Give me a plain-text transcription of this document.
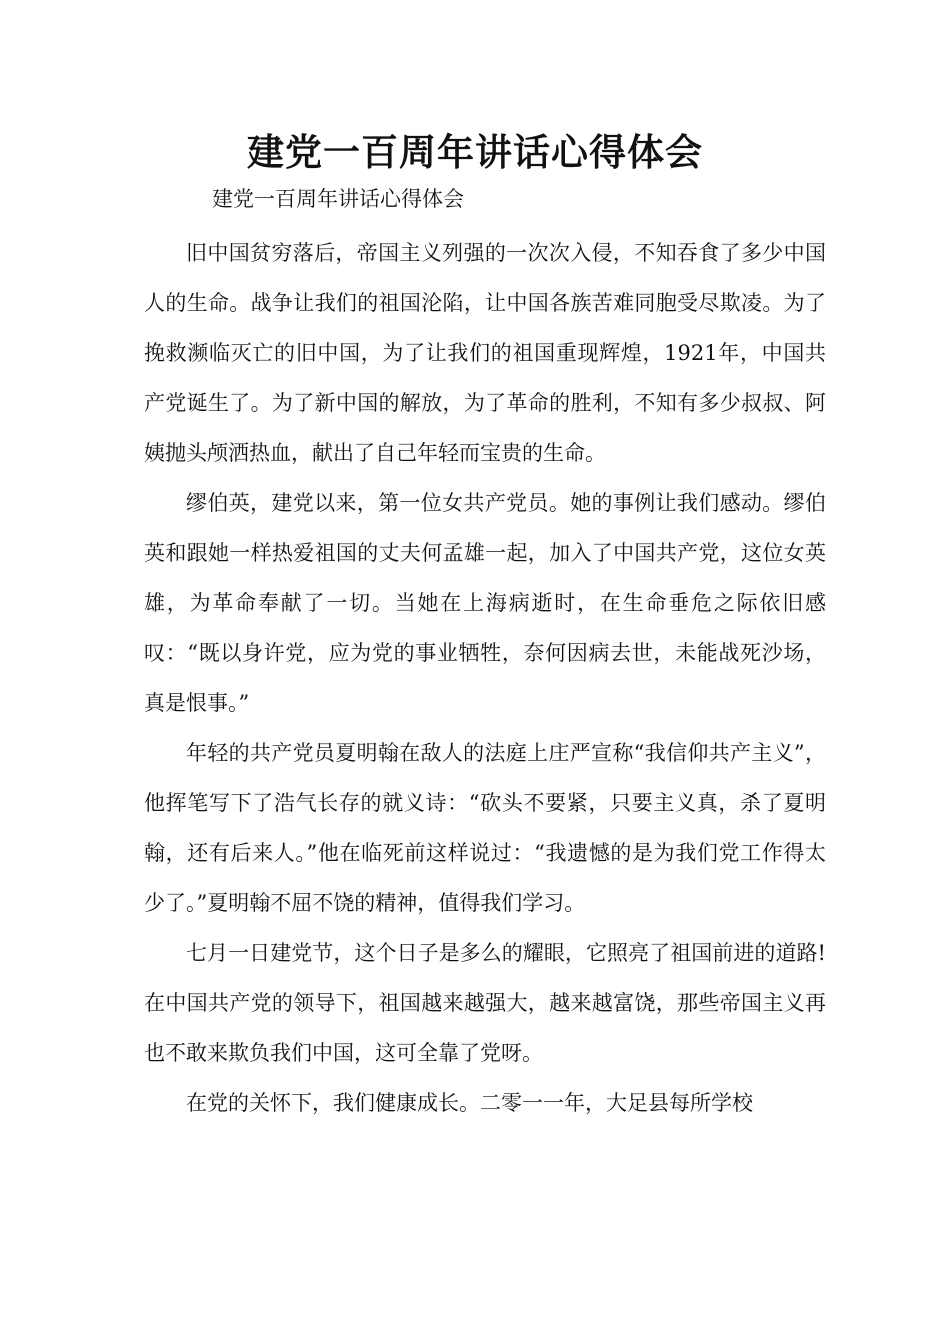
建党一百周年讲话心得体会

建党一百周年讲话心得体会

旧中国贫穷落后，帝国主义列强的一次次入侵，不知吞食了多少中国人的生命。战争让我们的祖国沦陷，让中国各族苦难同胞受尽欺凌。为了挽救濒临灭亡的旧中国，为了让我们的祖国重现辉煌，1921年，中国共产党诞生了。为了新中国的解放，为了革命的胜利，不知有多少叔叔、阿姨抛头颅洒热血，献出了自己年轻而宝贵的生命。

缪伯英，建党以来，第一位女共产党员。她的事例让我们感动。缪伯英和跟她一样热爱祖国的丈夫何孟雄一起，加入了中国共产党，这位女英雄，为革命奉献了一切。当她在上海病逝时，在生命垂危之际依旧感叹：“既以身许党，应为党的事业牺牲，奈何因病去世，未能战死沙场，真是恨事。”

年轻的共产党员夏明翰在敌人的法庭上庄严宣称“我信仰共产主义”，他挥笔写下了浩气长存的就义诗：“砍头不要紧，只要主义真，杀了夏明翰，还有后来人。”他在临死前这样说过：“我遗憾的是为我们党工作得太少了。”夏明翰不屈不饶的精神，值得我们学习。

七月一日建党节，这个日子是多么的耀眼，它照亮了祖国前进的道路!在中国共产党的领导下，祖国越来越强大，越来越富饶，那些帝国主义再也不敢来欺负我们中国，这可全靠了党呀。

在党的关怀下，我们健康成长。二零一一年，大足县每所学校
